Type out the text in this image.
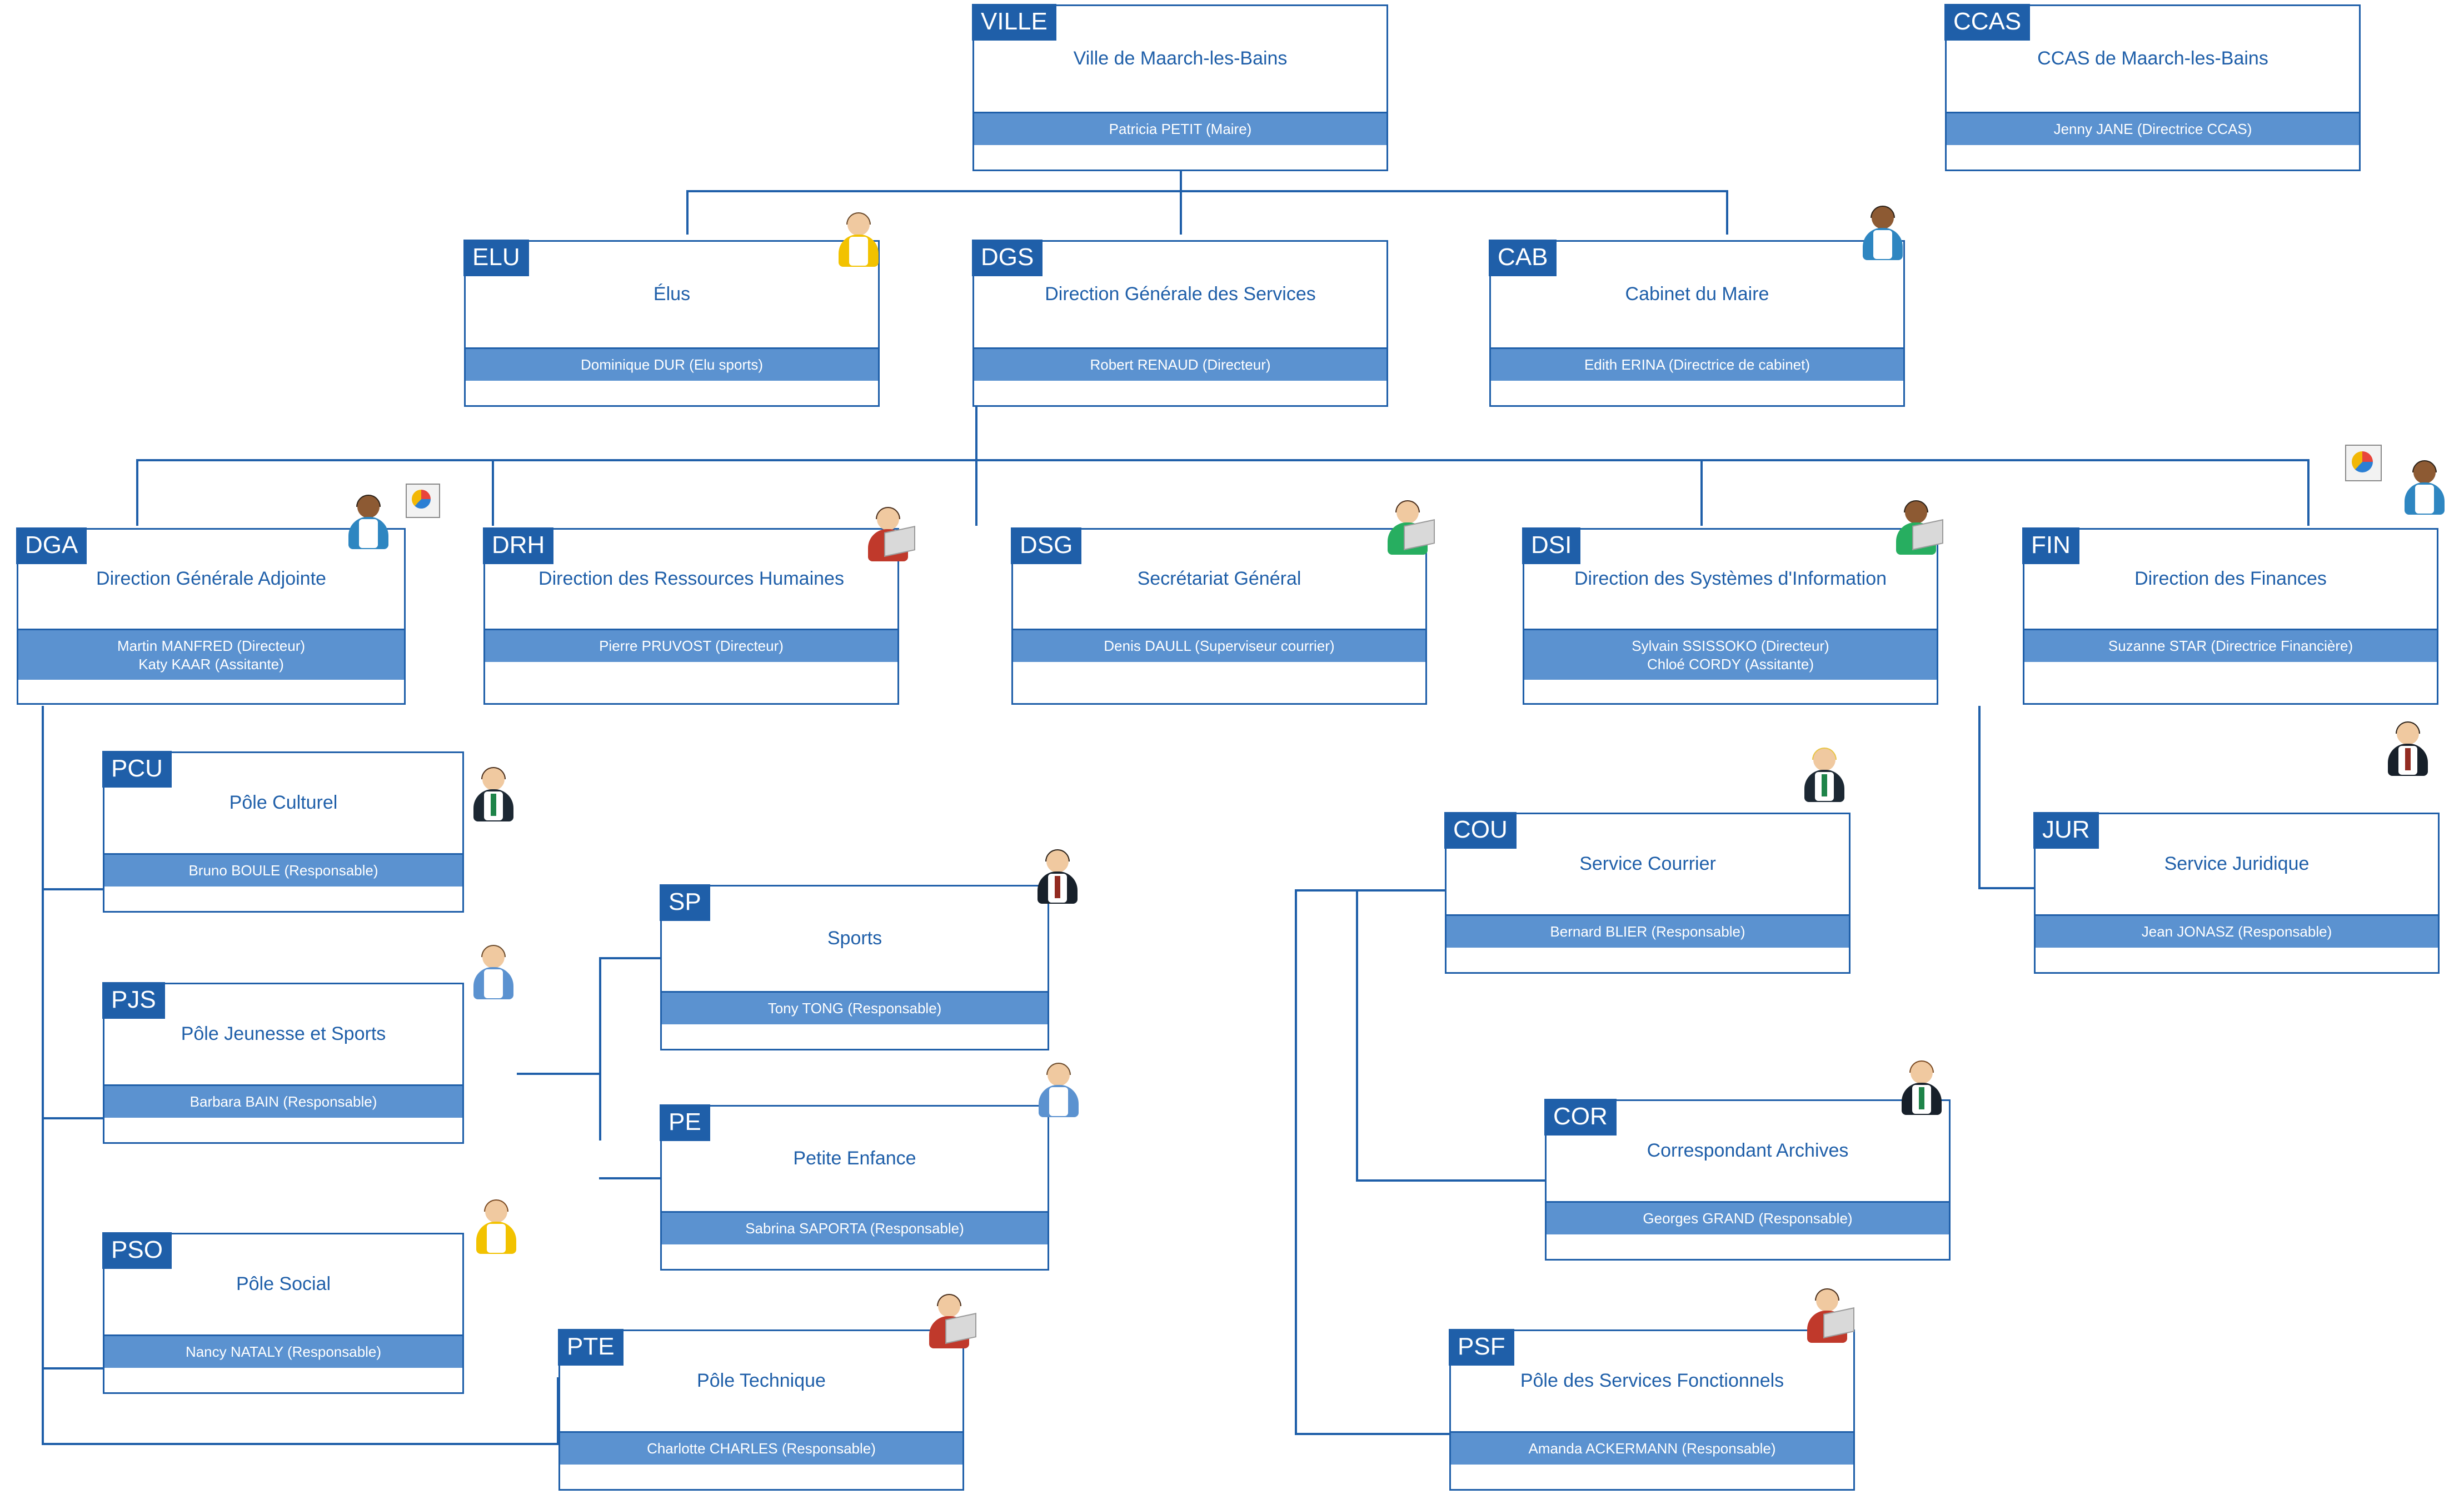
VILLE
Ville de Maarch-les-Bains
Patricia PETIT (Maire)
CCAS
CCAS de Maarch-les-Bains
Jenny JANE (Directrice CCAS)
ELU
Élus
Dominique DUR (Elu sports)
DGS
Direction Générale des Services
Robert RENAUD (Directeur)
CAB
Cabinet du Maire
Edith ERINA (Directrice de cabinet)
DGA
Direction Générale Adjointe
Martin MANFRED (Directeur)
Katy KAAR (Assitante)
DRH
Direction des Ressources Humaines
Pierre PRUVOST (Directeur)
DSG
Secrétariat Général
Denis DAULL (Superviseur courrier)
DSI
Direction des Systèmes d'Information
Sylvain SSISSOKO (Directeur)
Chloé CORDY (Assitante)
FIN
Direction des Finances
Suzanne STAR (Directrice Financière)
PCU
Pôle Culturel
Bruno BOULE (Responsable)
PJS
Pôle Jeunesse et Sports
Barbara BAIN (Responsable)
PSO
Pôle Social
Nancy NATALY (Responsable)
SP
Sports
Tony TONG (Responsable)
PE
Petite Enfance
Sabrina SAPORTA (Responsable)
PTE
Pôle Technique
Charlotte CHARLES (Responsable)
COU
Service Courrier
Bernard BLIER (Responsable)
COR
Correspondant Archives
Georges GRAND (Responsable)
PSF
Pôle des Services Fonctionnels
Amanda ACKERMANN (Responsable)
JUR
Service Juridique
Jean JONASZ (Responsable)
